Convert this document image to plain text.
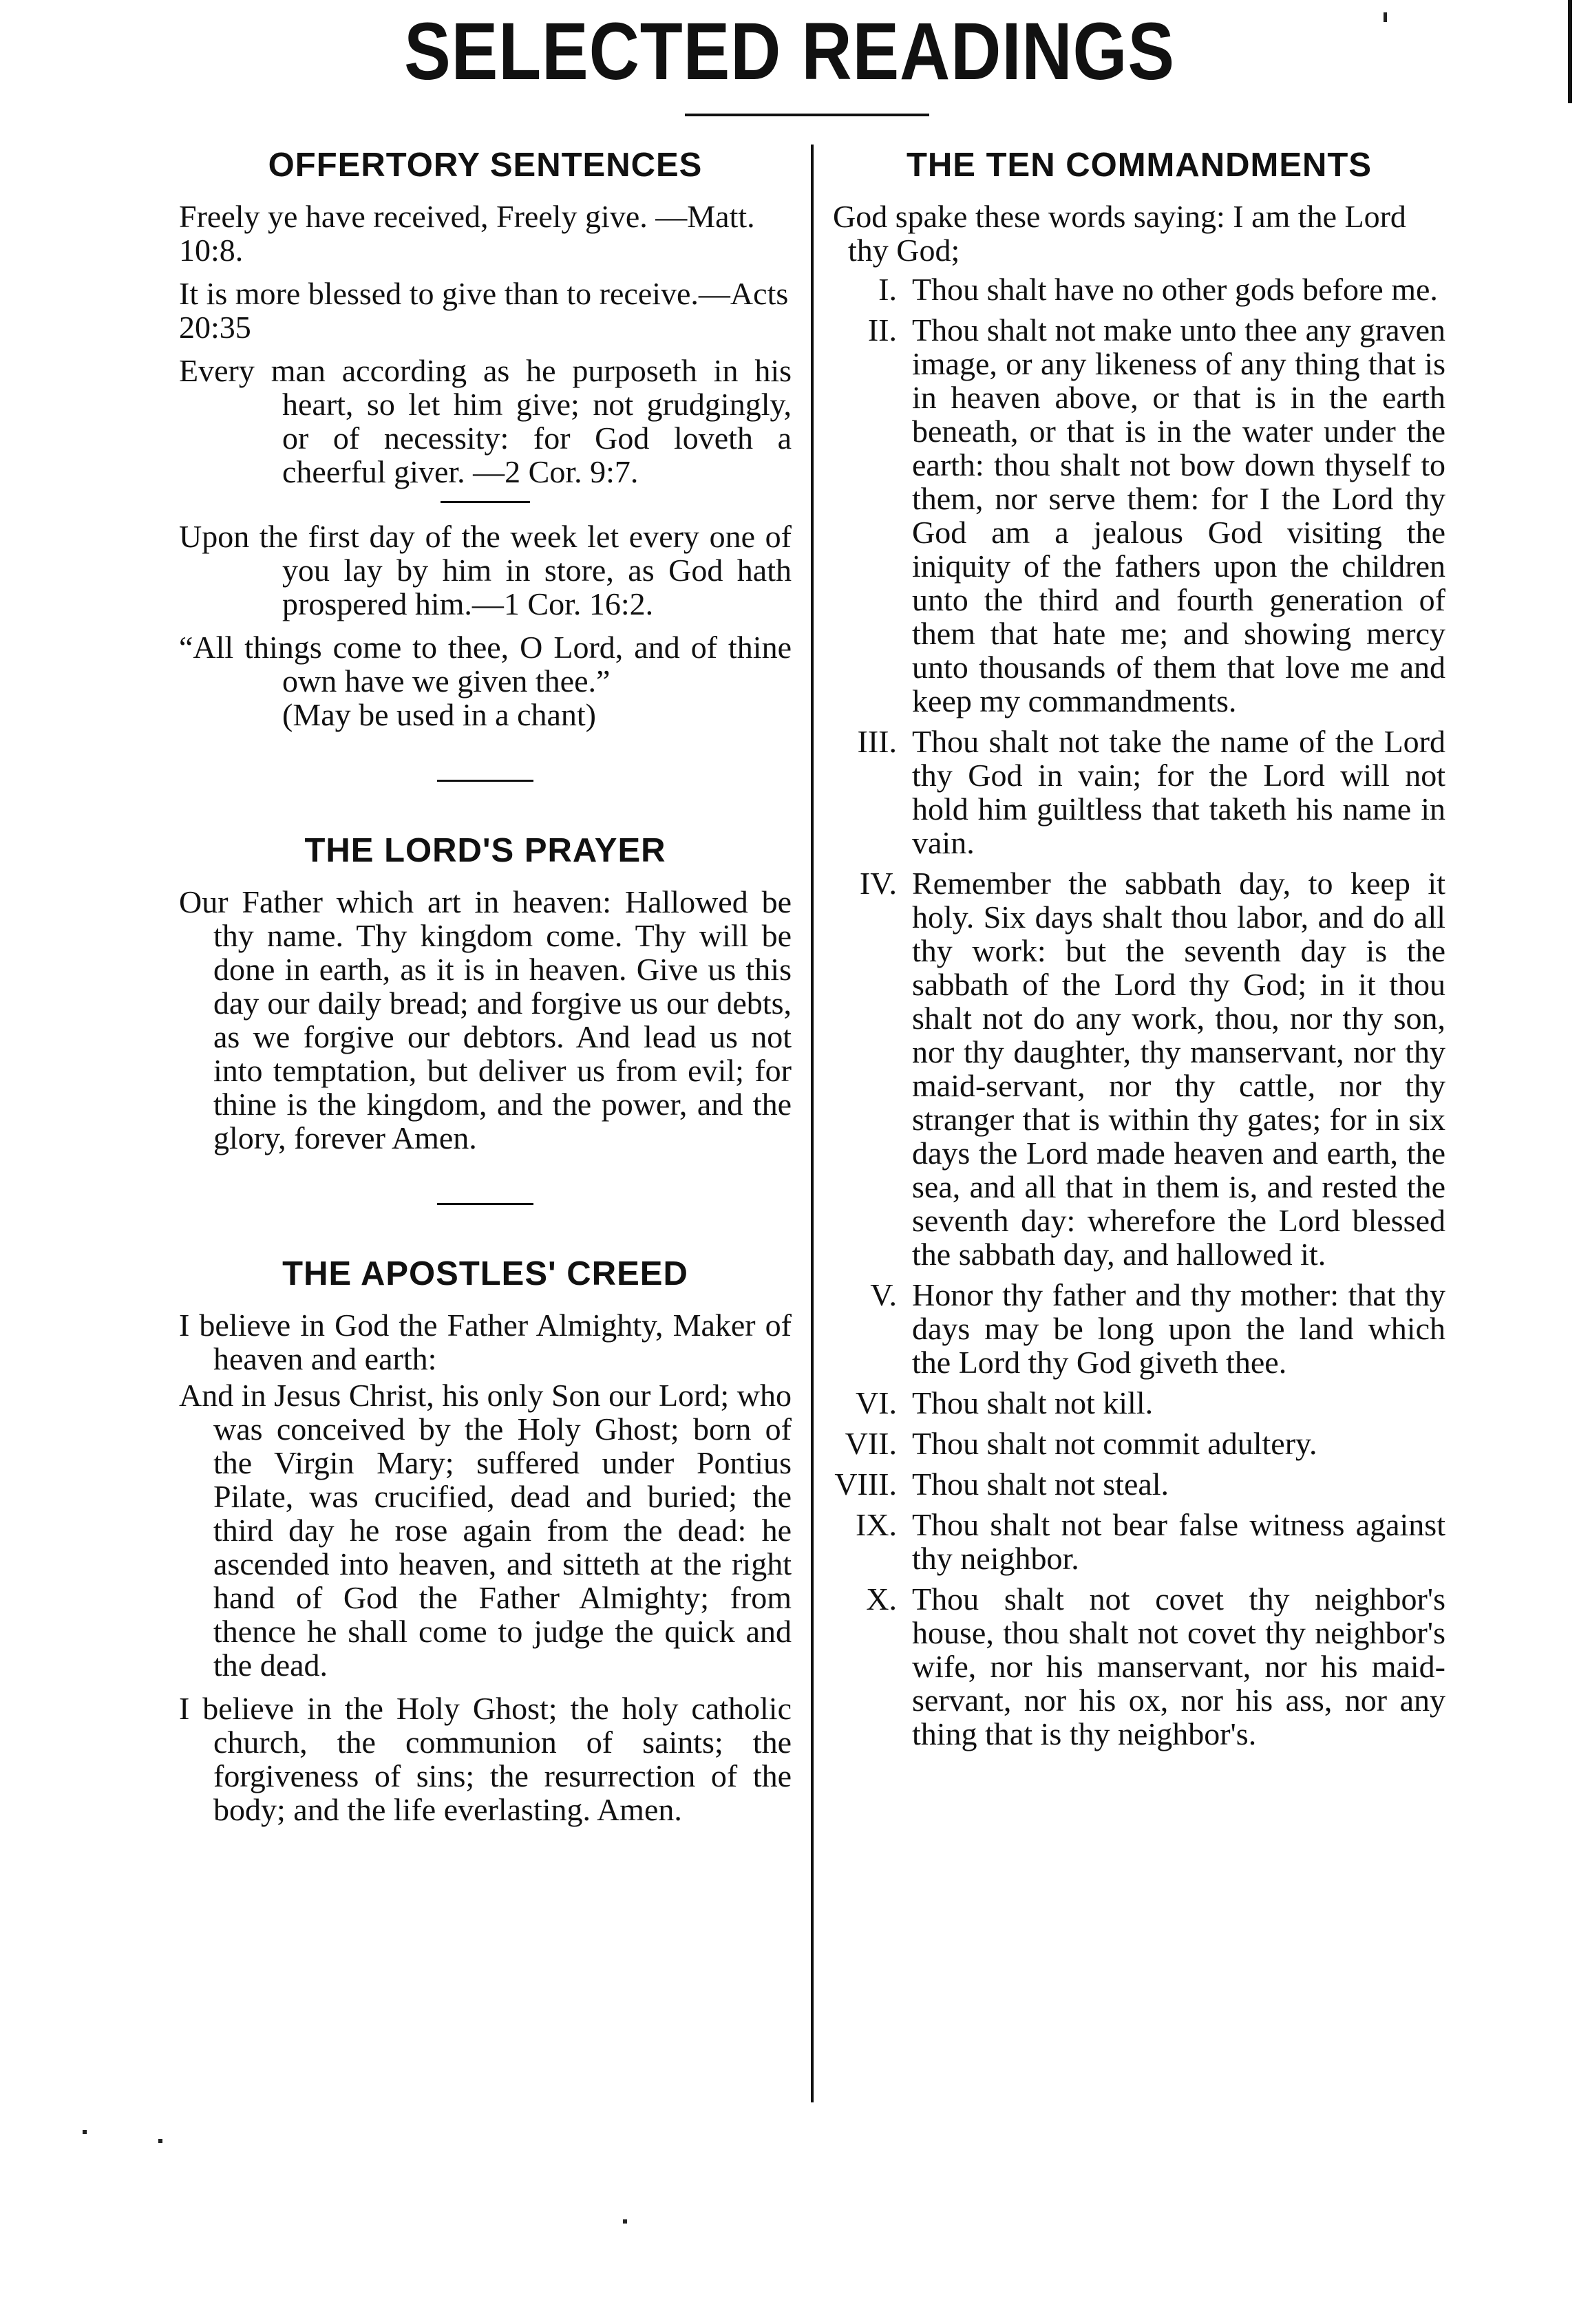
SELECTED READINGS
OFFERTORY SENTENCES

Freely ye have received, Freely give. —Matt. 10:8.

It is more blessed to give than to receive.—Acts 20:35

Every man according as he purposeth in his heart, so let him give; not grudgingly, or of necessity: for God loveth a cheerful giver. —2 Cor. 9:7.

Upon the first day of the week let every one of you lay by him in store, as God hath prospered him.—1 Cor. 16:2.

“All things come to thee, O Lord, and of thine own have we given thee.”

(May be used in a chant)

THE LORD'S PRAYER

Our Father which art in heaven: Hallowed be thy name. Thy kingdom come. Thy will be done in earth, as it is in heaven. Give us this day our daily bread; and forgive us our debts, as we forgive our debtors. And lead us not into temptation, but deliver us from evil; for thine is the kingdom, and the power, and the glory, forever Amen.

THE APOSTLES' CREED

I believe in God the Father Almighty, Maker of heaven and earth:

And in Jesus Christ, his only Son our Lord; who was conceived by the Holy Ghost; born of the Virgin Mary; suffered under Pontius Pilate, was crucified, dead and buried; the third day he rose again from the dead: he ascended into heaven, and sitteth at the right hand of God the Father Almighty; from thence he shall come to judge the quick and the dead.

I believe in the Holy Ghost; the holy catholic church, the communion of saints; the forgiveness of sins; the resurrection of the body; and the life everlasting. Amen.

THE TEN COMMANDMENTS

God spake these words saying: I am the Lord thy God;

I. Thou shalt have no other gods before me.
II. Thou shalt not make unto thee any graven image, or any likeness of any thing that is in heaven above, or that is in the earth beneath, or that is in the water under the earth: thou shalt not bow down thyself to them, nor serve them: for I the Lord thy God am a jealous God visiting the iniquity of the fathers upon the children unto the third and fourth generation of them that hate me; and showing mercy unto thousands of them that love me and keep my commandments.
III. Thou shalt not take the name of the Lord thy God in vain; for the Lord will not hold him guiltless that taketh his name in vain.
IV. Remember the sabbath day, to keep it holy. Six days shalt thou labor, and do all thy work: but the seventh day is the sabbath of the Lord thy God; in it thou shalt not do any work, thou, nor thy son, nor thy daughter, thy manservant, nor thy maid-servant, nor thy cattle, nor thy stranger that is within thy gates; for in six days the Lord made heaven and earth, the sea, and all that in them is, and rested the seventh day: wherefore the Lord blessed the sabbath day, and hallowed it.
V. Honor thy father and thy mother: that thy days may be long upon the land which the Lord thy God giveth thee.
VI. Thou shalt not kill.
VII. Thou shalt not commit adultery.
VIII. Thou shalt not steal.
IX. Thou shalt not bear false witness against thy neighbor.
X. Thou shalt not covet thy neighbor's house, thou shalt not covet thy neighbor's wife, nor his manservant, nor his maid-servant, nor his ox, nor his ass, nor any thing that is thy neighbor's.
